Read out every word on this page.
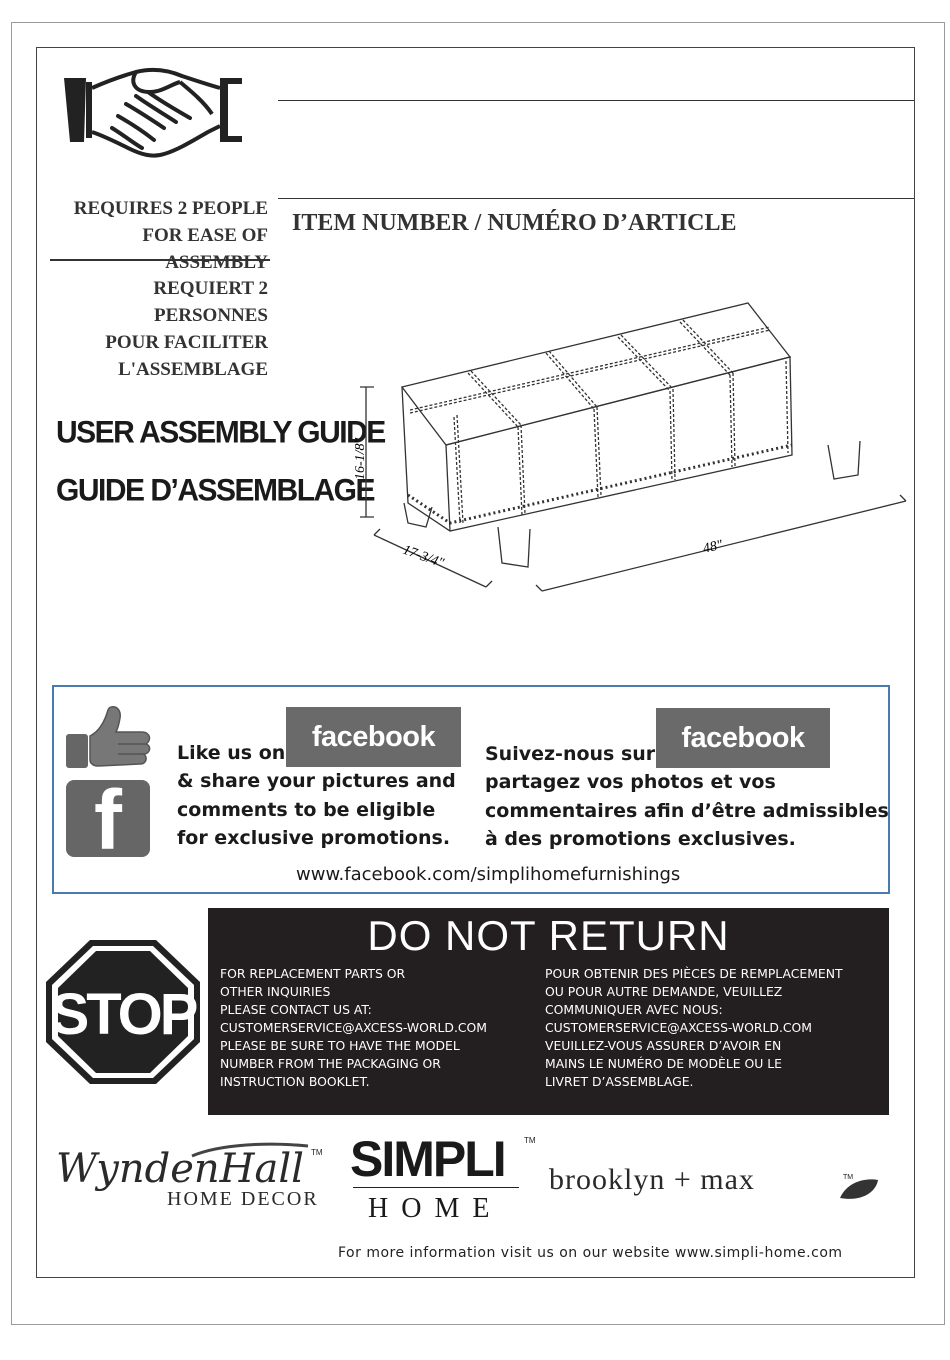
REQUIRES 2 PEOPLE
FOR EASE OF ASSEMBLY
REQUIERT 2 PERSONNES
POUR FACILITER
L'ASSEMBLAGE
ITEM NUMBER / NUMÉRO D’ARTICLE
USER ASSEMBLY GUIDE
GUIDE D’ASSEMBLAGE
16-1/8"
17-3/4"	48"
f
facebook	facebook
Like us on
& share your pictures and
comments to be eligible
for exclusive promotions.
Suivez-nous sur
partagez vos photos et vos
commentaires afin d’être admissibles
à des promotions exclusives.
www.facebook.com/simplihomefurnishings
STOP
DO NOT RETURN
FOR REPLACEMENT PARTS OR
OTHER INQUIRIES
PLEASE CONTACT US AT:
CUSTOMERSERVICE@AXCESS-WORLD.COM
PLEASE BE SURE TO HAVE THE MODEL
NUMBER FROM THE PACKAGING OR
INSTRUCTION BOOKLET.
POUR OBTENIR DES PIÈCES DE REMPLACEMENT
OU POUR AUTRE DEMANDE, VEUILLEZ
COMMUNIQUER AVEC NOUS:
CUSTOMERSERVICE@AXCESS-WORLD.COM
VEUILLEZ-VOUS ASSURER D’AVOIR EN
MAINS LE NUMÉRO DE MODÈLE OU LE
LIVRET D’ASSEMBLAGE.
WyndenHall
HOME DECOR
TM SIMPLI TM
HOME
brooklyn + max	TM
For more information visit us on our website www.simpli-home.com
